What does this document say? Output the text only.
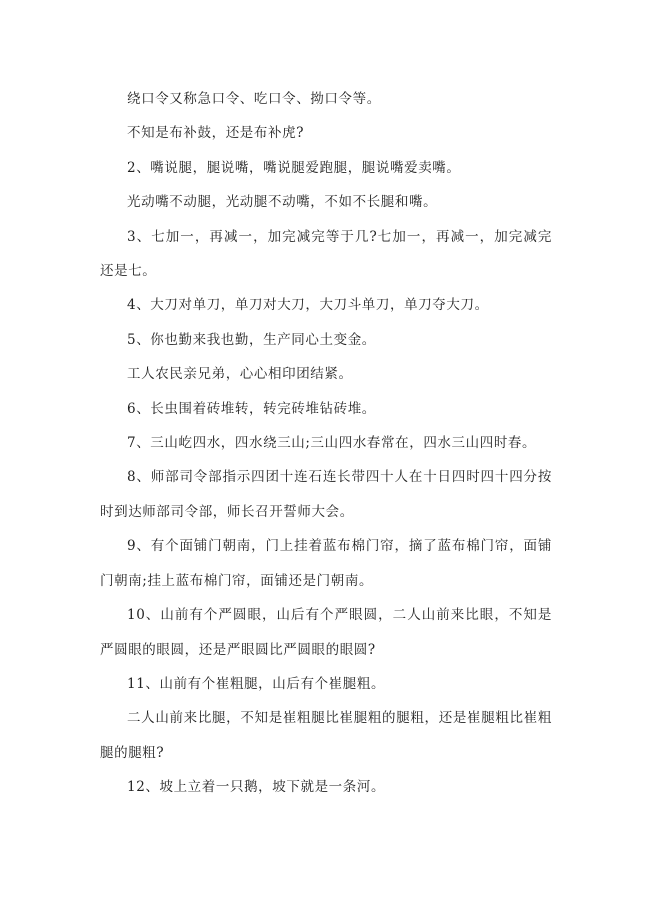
绕口令又称急口令、吃口令、拗口令等。

不知是布补鼓，还是布补虎?

2、嘴说腿，腿说嘴，嘴说腿爱跑腿，腿说嘴爱卖嘴。

光动嘴不动腿，光动腿不动嘴，不如不长腿和嘴。

3、七加一，再减一，加完减完等于几?七加一，再减一，加完减完还是七。

4、大刀对单刀，单刀对大刀，大刀斗单刀，单刀夺大刀。

5、你也勤来我也勤，生产同心土变金。

工人农民亲兄弟，心心相印团结紧。

6、长虫围着砖堆转，转完砖堆钻砖堆。

7、三山屹四水，四水绕三山;三山四水春常在，四水三山四时春。

8、师部司令部指示四团十连石连长带四十人在十日四时四十四分按时到达师部司令部，师长召开誓师大会。

9、有个面铺门朝南，门上挂着蓝布棉门帘，摘了蓝布棉门帘，面铺门朝南;挂上蓝布棉门帘，面铺还是门朝南。

10、山前有个严圆眼，山后有个严眼圆，二人山前来比眼，不知是严圆眼的眼圆，还是严眼圆比严圆眼的眼圆?

11、山前有个崔粗腿，山后有个崔腿粗。

二人山前来比腿，不知是崔粗腿比崔腿粗的腿粗，还是崔腿粗比崔粗腿的腿粗?

12、坡上立着一只鹅，坡下就是一条河。
